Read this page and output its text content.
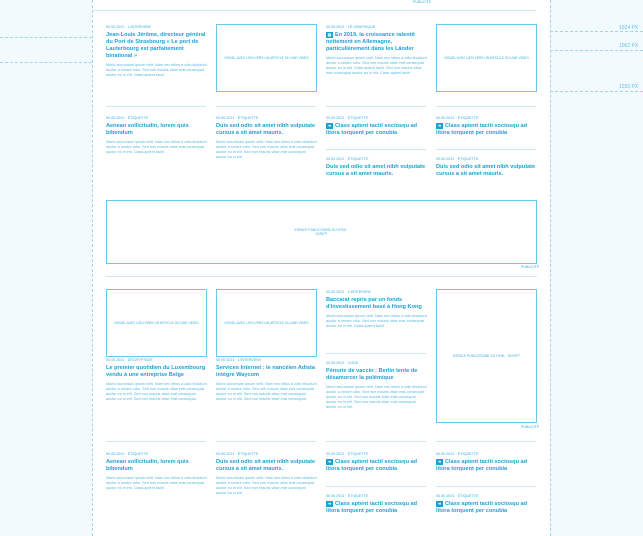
PUBLICITÉ
1024 PX
1062 PX
1250 PX
00.00.2021 · L'INTERVIEW
Jean-Louis Jérôme, directeur général du Port de Strasbourg « Le port de Lauterbourg est parfaitement binational »
Morbi accumsan ipsum velit. Nam nec tellus a odio tincidunt auctor a ornare odio. Sed non mauris vitae erat consequat auctor eu in elit. Class aptent taciti.
VISUEL AVEC LIEN VERS UN ARTICLE OU UNE VIDÉO
00.00.2021 · LE GRAPHIQUE
▤ En 2019, la croissance ralentit nettement en Allemagne, particulièrement dans les Länder
Morbi accumsan ipsum velit. Nam nec tellus a odio tincidunt auctor a ornare odio. Sed non mauris vitae erat consequat auctor eu in elit. Class aptent taciti. Sed non mauris vitae erat consequat auctor eu in elit. Class aptent taciti.
VISUEL AVEC LIEN VERS UN ARTICLE OU UNE VIDÉO
00.00.2021 · ÉTIQUETTE
Aenean sollicitudin, lorem quis bibendum
Morbi accumsan ipsum velit. Nam nec tellus a odio tincidunt auctor a ornare odio. Sed non mauris vitae erat consequat auctor eu in elit. Class aptent taciti.
00.00.2021 · ÉTIQUETTE
Duis sed odio sit amet nibh vulputate cursus a sit amet mauris.
Morbi accumsan ipsum velit. Nam nec tellus a odio tincidunt auctor a ornare odio. Sed non mauris vitae erat consequat auctor eu in elit. Sed non mauris vitae erat consequat auctor eu in elit.
00.00.2021 · ÉTIQUETTE
➜ Class aptent taciti sociosqu ad litora torquent per conubia
00.00.2021 · ÉTIQUETTE
➜ Class aptent taciti sociosqu ad litora torquent per conubia
00.00.2021 · ÉTIQUETTE
Duis sed odio sit amet nibh vulputate cursus a sit amet mauris.
00.00.2021 · ÉTIQUETTE
Duis sed odio sit amet nibh vulputate cursus a sit amet mauris.
ESPACE PUBLICITAIRE OU HTML · SCRIPT
PUBLICITÉ
VISUEL AVEC LIEN VERS UN ARTICLE OU UNE VIDÉO	VISUEL AVEC LIEN VERS UN ARTICLE OU UNE VIDÉO
00.00.2021 · L'INTERVIEW
Baccarat repris par un fonds d'investissement basé à Hong Kong
Morbi accumsan ipsum velit. Nam nec tellus a odio tincidunt auctor a ornare odio. Sed non mauris vitae erat consequat auctor eu in elit. Class aptent taciti.
ESPACE PUBLICITAIRE OU HTML · SCRIPT
PUBLICITÉ
00.00.2021 · DÉCRYPTAGE
Le premier quotidien du Luxembourg vendu à une entreprise Belge
Morbi accumsan ipsum velit. Nam nec tellus a odio tincidunt auctor a ornare odio. Sed non mauris vitae erat consequat auctor eu in elit. Sed non mauris vitae erat consequat auctor eu in elit. Sed non mauris vitae erat consequat.
00.00.2021 · L'INTERVIEW
Services Internet : le nancéien Adista intègre Waycom
Morbi accumsan ipsum velit. Nam nec tellus a odio tincidunt auctor a ornare odio. Sed non mauris vitae erat consequat auctor eu in elit. Sed non mauris vitae erat consequat auctor eu in elit. Sed non mauris vitae erat consequat.
00.00.2021 · CODE
Pénurie de vaccin : Berlin tente de désamorcer la polémique
Morbi accumsan ipsum velit. Nam nec tellus a odio tincidunt auctor a ornare odio. Sed non mauris vitae erat consequat auctor eu in elit. Sed non mauris vitae erat consequat auctor eu in elit. Sed non mauris vitae erat consequat auctor eu in elit.
00.00.2021 · ÉTIQUETTE
Aenean sollicitudin, lorem quis bibendum
Morbi accumsan ipsum velit. Nam nec tellus a odio tincidunt auctor a ornare odio. Sed non mauris vitae erat consequat auctor eu in elit. Class aptent taciti.
00.00.2021 · ÉTIQUETTE
Duis sed odio sit amet nibh vulputate cursus a sit amet mauris.
Morbi accumsan ipsum velit. Nam nec tellus a odio tincidunt auctor a ornare odio. Sed non mauris vitae erat consequat auctor eu in elit. Sed non mauris vitae erat consequat auctor eu in elit.
00.00.2021 · ÉTIQUETTE
➜ Class aptent taciti sociosqu ad litora torquent per conubia
00.00.2021 · ÉTIQUETTE
➜ Class aptent taciti sociosqu ad litora torquent per conubia
00.00.2021 · ÉTIQUETTE
➜ Class aptent taciti sociosqu ad litora torquent per conubia
00.00.2021 · ÉTIQUETTE
➜ Class aptent taciti sociosqu ad litora torquent per conubia
